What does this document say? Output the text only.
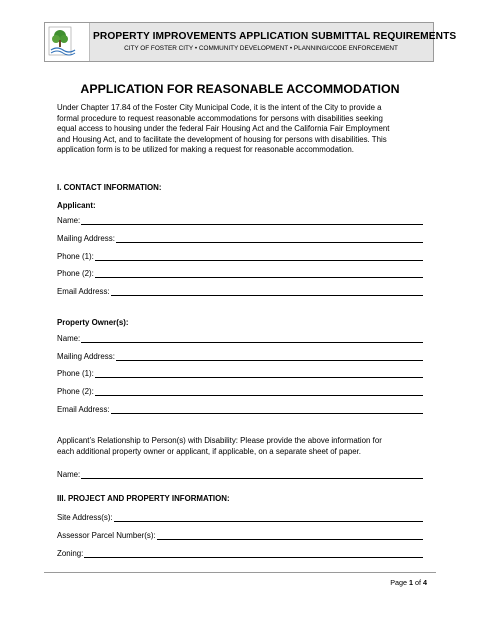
PROPERTY IMPROVEMENTS APPLICATION SUBMITTAL REQUIREMENTS
CITY OF FOSTER CITY • COMMUNITY DEVELOPMENT • PLANNING/CODE ENFORCEMENT
APPLICATION FOR REASONABLE ACCOMMODATION
Under Chapter 17.84 of the Foster City Municipal Code, it is the intent of the City to provide a
formal procedure to request reasonable accommodations for persons with disabilities seeking
equal access to housing under the federal Fair Housing Act and the California Fair Employment
and Housing Act, and to facilitate the development of housing for persons with disabilities. This
application form is to be utilized for making a request for reasonable accommodation.
I. CONTACT INFORMATION:
Applicant:
Name:
Mailing Address:
Phone (1):
Phone (2):
Email Address:
Property Owner(s):
Name:
Mailing Address:
Phone (1):
Phone (2):
Email Address:
Applicant’s Relationship to Person(s) with Disability: Please provide the above information for
each additional property owner or applicant, if applicable, on a separate sheet of paper.
Name:
III. PROJECT AND PROPERTY INFORMATION:
Site Address(s):
Assessor Parcel Number(s):
Zoning:
Page 1 of 4
